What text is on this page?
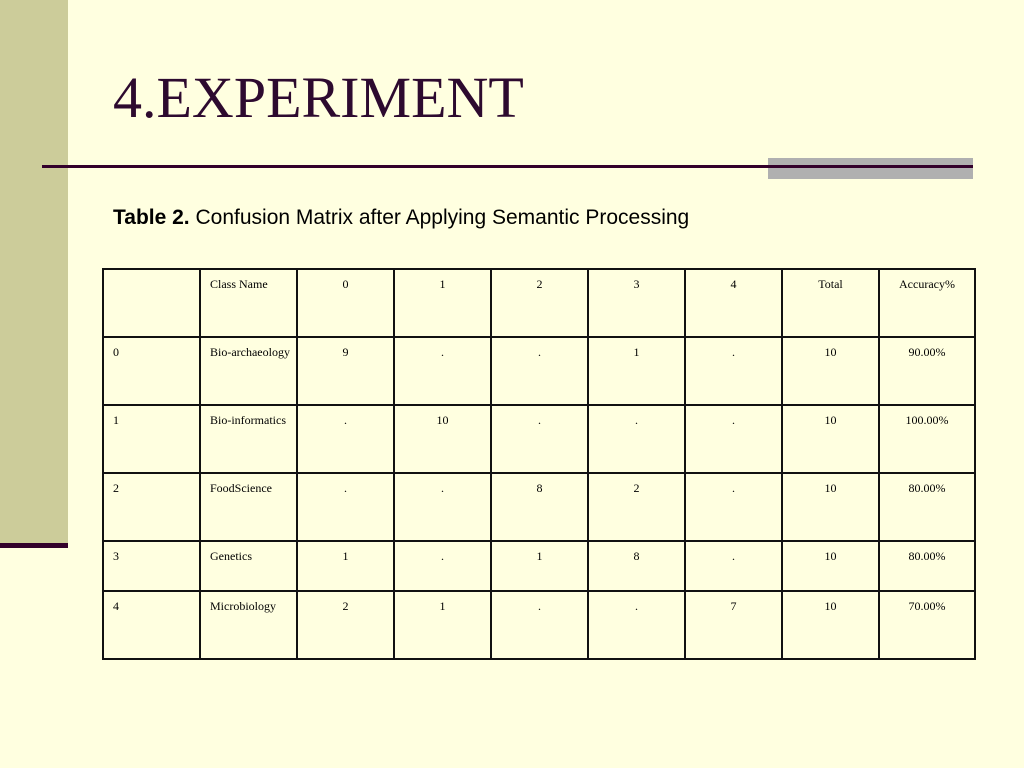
4.EXPERIMENT
Table 2. Confusion Matrix after Applying Semantic Processing
	Class Name	0	1	2	3	4	Total	Accuracy%
0	Bio-archaeology	9	.	.	1	.	10	90.00%
1	Bio-informatics	.	10	.	.	.	10	100.00%
2	FoodScience	.	.	8	2	.	10	80.00%
3	Genetics	1	.	1	8	.	10	80.00%
4	Microbiology	2	1	.	.	7	10	70.00%
